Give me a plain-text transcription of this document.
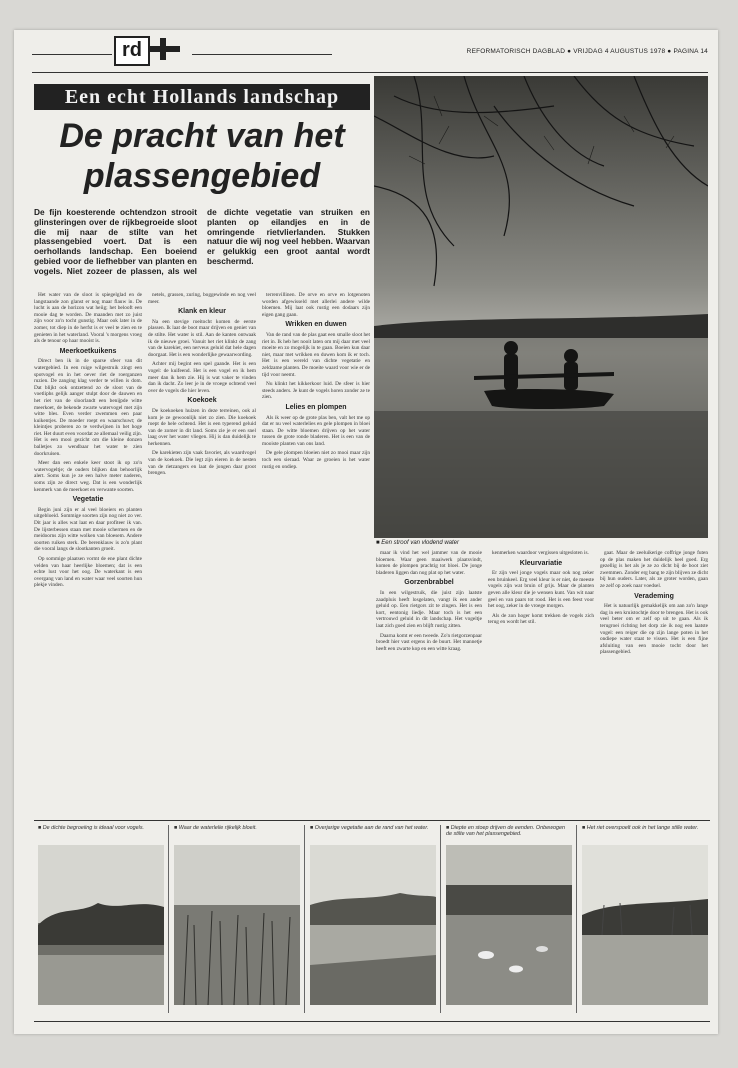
rd	REFORMATORISCH DAGBLAD ● VRIJDAG 4 AUGUSTUS 1978 ● PAGINA 14
Een echt Hollands landschap
De pracht van het plassengebied
■ Een stroof van vlodend water
De fijn koesterende ochtendzon strooit glinsteringen over de rijkbegroeide sloot die mij naar de stilte van het plassengebied voert. Dat is een oerhollands landschap. Een boeiend gebied voor de liefhebber van planten en vogels. Niet zozeer de plassen, als wel de dichte vegetatie van struiken en planten op eilandjes en in de omringende rietvlierlanden. Stukken natuur die wij nog veel hebben. Waarvan er gelukkig een groot aantal wordt beschermd.

Het water van de sloot is spiegelglad en de langstaande zon glanst er nog maar flauw in. De lucht is aan de horizon wat heiig; het belooft een mooie dag te worden. De maanden met zo juist zijn voor zo'n tocht gunstig. Maar ook later in de zomer, tot diep in de herfst is er veel te zien en te genieten in het waterland. Vooral 's morgens vroeg als de tenour op haar mooist is.

Meerkoetkuikens

Direct ben ik in de sparse sfeer van dit watergebied. In een ruige wilgestruik zingt een spotvogel en in het oever riet de roerganzen ruzien. De zanging klag verder te willen is dom. Dat blijkt ook ontzettend zo de sloot van de voetliphs gelijk aanger stulpt door de dauwen en het riet van de sloorlandt een benijpde witte meerkoet, de bekende zwarte watervogel met zijn witte bles. Even verder zwemmen een paar kuikentjes. De moeder roept en waarschuwt; de kleintjes proberen zo te verdwijnen in het hoge riet. Het duurt even voordat ze allemaal veilig zijn. Het is een mooi gezicht om die kleine donzen balletjes zo wendbaar het water te zien doorkruisen.

Meer dan een enkele keer stoot ik op zo'n watervogeltje; de ouders blijken dan behoorlijk alert. Soms kun je ze een halve meter naderen, soms zijn ze direct weg. Dat is een wonderlijk kenmerk van de meerkoet en verwante soorten.

Vegetatie

Begin juni zijn er al veel bloeiers en planten uitgebloeid. Sommige soorten zijn nog niet zo ver. Dit jaar is alles wat laat en daar profiteer ik van. De lijsterbessen staan met mooie schermen en de meidoorns zijn witte wolken van bloesem. Andere soorten ruiken sterk. De berenklauw is zo'n plant die vooral langs de slootkanten groeit.

Op sommige plaatsen vormt de ene plant dichte velden van haar heerlijke bloemen; dat is een echte lust voor het oog. De waterkant is een overgang van land en water waar veel soorten hun plekje vinden.

netels, grassen, zuring, boggewinde en nog veel meer.

Klank en kleur

Na een stevige roeitocht komen de eerste plassen. Ik laat de boot maar drijven en geniet van de stilte. Het water is stil. Aan de kanten ontwaak ik de nieuwe groei. Vanuit het riet klinkt de zang van de karekiet, een nerveus geluid dat hele dagen doorgaat. Het is een wonderlijke gewaarwording.

Achter mij begint een spel gaande. Het is een vogel: de kuifeend. Het is een vogel en ik hem meer dan ik hem zie. Hij is wat vaker te vinden dan ik dacht. Zo leer je in de vroege ochtend veel over de vogels die hier leven.

Koekoek

De koekoeken huizen in deze terreinen, ook al kom je ze gewoonlijk niet zo zien. Die koekoek roept de hele ochtend. Het is een typerend geluid van de zomer in dit land. Soms zie je er een snel laag over het water vliegen. Hij is dan duidelijk te herkennen.

De karekieten zijn vaak favoriet, als waardvogel van de koekoek. Die legt zijn eieren in de nesten van de rietzangers en laat de jongen daar groot brengen.

terrenvillinen. De orve en orve en lotgenoten worden afgewisseld met allerlei andere wilde bloemen. Mij laat ook rustig een dodaars zijn eigen gang gaan.

Wrikken en duwen

Van de rand van de plas gaat een smalle sloot het riet in. Ik heb het nooit laten om mij daar met veel moeite en zo mogelijk in te gaan. Boeien kun daar niet, maar met wrikken en duwen kom ik er toch. Het is een wereld van dichte vegetatie en zeldzame planten. De moeite waard voor wie er de tijd voor neemt.

Nu klinkt het kikkerkoor luid. De sfeer is hier steeds anders. Je kunt de vogels horen zonder ze te zien.

Lelies en plompen

Als ik weer op de grote plas ben, valt het me op dat er nu veel waterlelies en gele plompen in bloei staan. De witte bloemen drijven op het water tussen de grote ronde bladeren. Het is een van de mooiste planten van ons land.

De gele plompen bloeien niet zo mooi maar zijn toch een sieraad. Waar ze groeien is het water rustig en ondiep.

maar ik vind het wel jammer van de mooie bloemen. Waar geen maaiwerk plaatsvindt, komen de plompen prachtig tot bloei. De jonge bladeren liggen dan nog plat op het water.

Gorzenbrabbel

In een wilgestruik, die juist zijn laatste zaadpluis heeft losgelaten, vangt ik een ander geluid op. Een rietgors zit te zingen. Het is een kort, eentonig liedje. Maar toch is het een vertrouwd geluid in dit landschap. Het vogeltje laat zich goed zien en blijft rustig zitten.

Daarna komt er een tweede. Zo'n rietgorzenpaar broedt hier vast ergens in de buurt. Het mannetje heeft een zwarte kop en een witte kraag.

kenmerken waardoor vergissen uitgesloten is.

Kleurvariatie

Er zijn veel jonge vogels maar ook nog zeker een bruinkeel. Erg veel kleur is er niet, de meeste vogels zijn wat bruin of grijs. Maar de planten geven alle kleur die je wensen kunt. Van wit naar geel en van paars tot rood. Het is een feest voor het oog, zeker in de vroege morgen.

Als de zon hoger komt trekken de vogels zich terug en wordt het stil.

gaat. Maar de zeeluikerige coffrige jonge futen op de plas maken het duidelijk heel goed. Erg gezellig is het als je ze zo dicht bij de boot ziet zwemmen. Zonder erg bang te zijn blijven ze dicht bij hun ouders. Later, als ze groter worden, gaan ze zelf op zoek naar voedsel.

Verademing

Het is natuurlijk gemakkelijk om aan zo'n lange dag in een kruistochtje door te brengen. Het is ook veel beter om er zelf op uit te gaan. Als ik terugroei richting het dorp zie ik nog een laatste vogel: een reiger die op zijn lange poten in het ondiepe water staat te vissen. Het is een fijne afsluiting van een mooie tocht door het plassengebied.

■ De dichte begroeiing is ideaal voor vogels.	■ Waar de waterlelie rijkelijk bloeit.	■ Overjarige vegetatie aan de rand van het water.	■ Diepte en stoep drijven de eenden. Onbewogen de stilte van het plassengebied.
■ Het riet overspoelt ook in het lange stille water.
